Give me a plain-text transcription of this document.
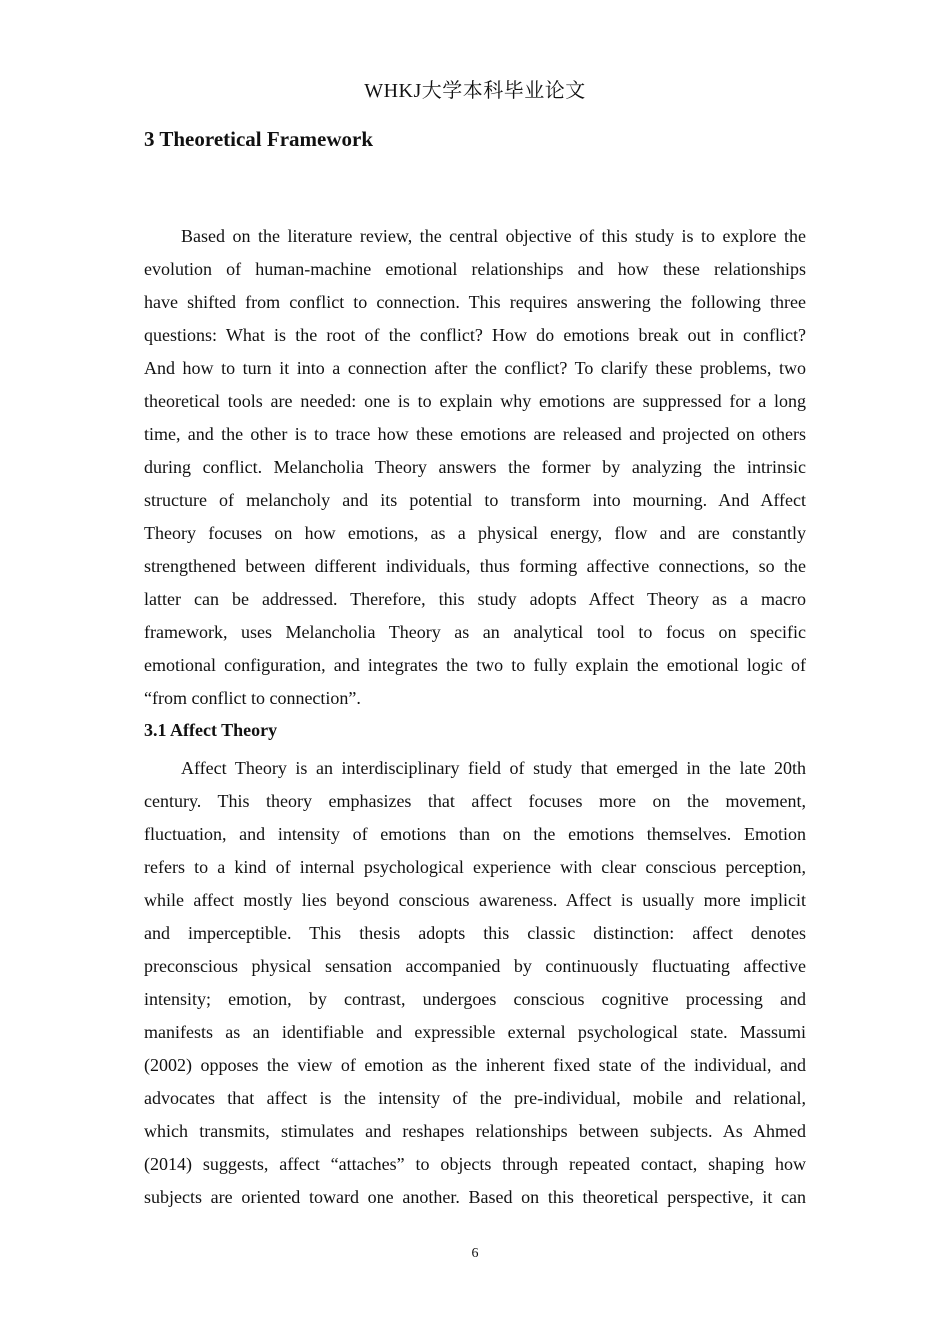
WHKJ大学本科毕业论文
3 Theoretical Framework
Based on the literature review, the central objective of this study is to explore the
evolution of human-machine emotional relationships and how these relationships
have shifted from conflict to connection. This requires answering the following three
questions: What is the root of the conflict? How do emotions break out in conflict?
And how to turn it into a connection after the conflict? To clarify these problems, two
theoretical tools are needed: one is to explain why emotions are suppressed for a long
time, and the other is to trace how these emotions are released and projected on others
during conflict. Melancholia Theory answers the former by analyzing the intrinsic
structure of melancholy and its potential to transform into mourning. And Affect
Theory focuses on how emotions, as a physical energy, flow and are constantly
strengthened between different individuals, thus forming affective connections, so the
latter can be addressed. Therefore, this study adopts Affect Theory as a macro
framework, uses Melancholia Theory as an analytical tool to focus on specific
emotional configuration, and integrates the two to fully explain the emotional logic of
“from conflict to connection”.
3.1 Affect Theory
Affect Theory is an interdisciplinary field of study that emerged in the late 20th
century. This theory emphasizes that affect focuses more on the movement,
fluctuation, and intensity of emotions than on the emotions themselves. Emotion
refers to a kind of internal psychological experience with clear conscious perception,
while affect mostly lies beyond conscious awareness. Affect is usually more implicit
and imperceptible. This thesis adopts this classic distinction: affect denotes
preconscious physical sensation accompanied by continuously fluctuating affective
intensity; emotion, by contrast, undergoes conscious cognitive processing and
manifests as an identifiable and expressible external psychological state. Massumi
(2002) opposes the view of emotion as the inherent fixed state of the individual, and
advocates that affect is the intensity of the pre-individual, mobile and relational,
which transmits, stimulates and reshapes relationships between subjects. As Ahmed
(2014) suggests, affect “attaches” to objects through repeated contact, shaping how
subjects are oriented toward one another. Based on this theoretical perspective, it can
6
